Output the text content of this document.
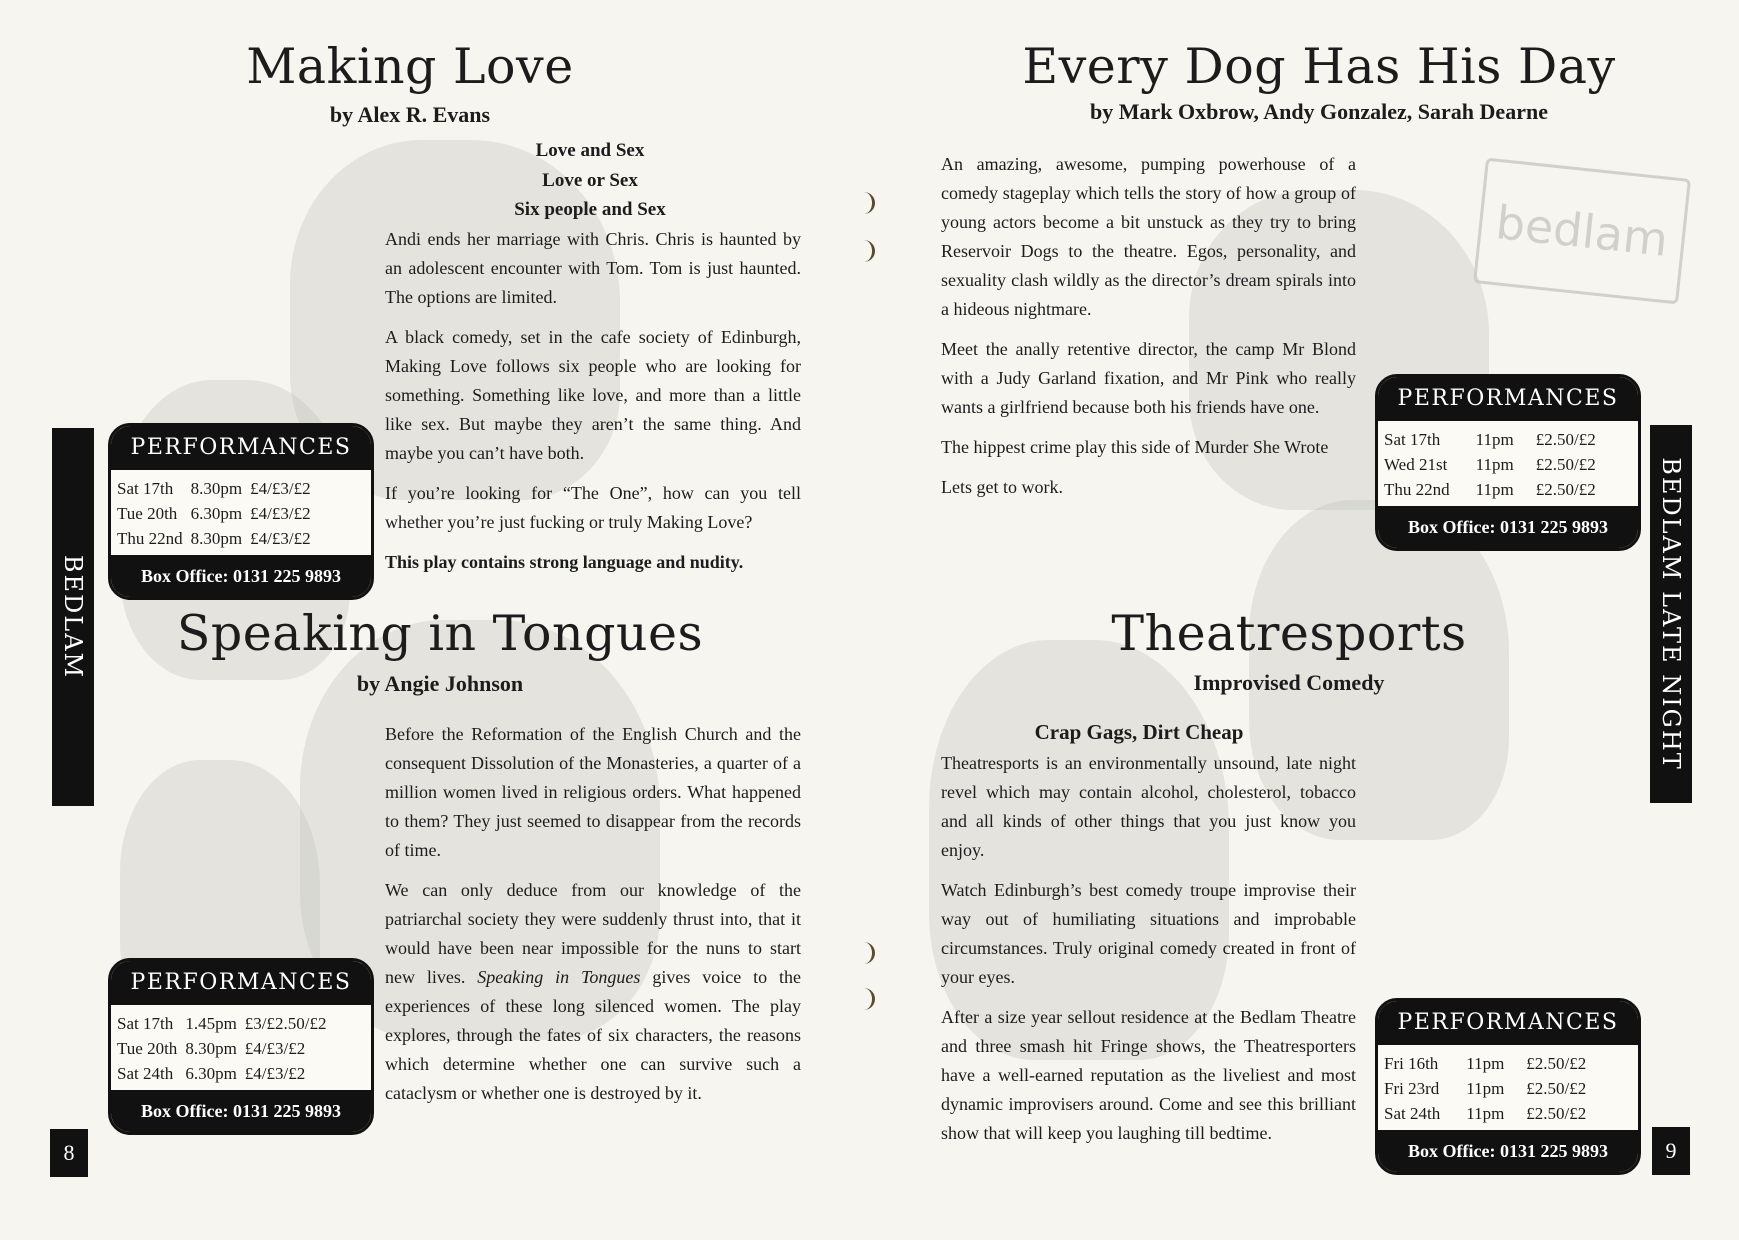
Making Love
by Alex R. Evans
Love and Sex
Love or Sex
Six people and Sex

Andi ends her marriage with Chris. Chris is haunted by an adolescent encounter with Tom. Tom is just haunted. The options are limited.

A black comedy, set in the cafe society of Edinburgh, Making Love follows six people who are looking for something. Something like love, and more than a little like sex. But maybe they aren’t the same thing. And maybe you can’t have both.

If you’re looking for “The One”, how can you tell whether you’re just fucking or truly Making Love?

This play contains strong language and nudity.

PERFORMANCES
Sat 17th	8.30pm	£4/£3/£2
Tue 20th	6.30pm	£4/£3/£2
Thu 22nd	8.30pm	£4/£3/£2
Box Office: 0131 225 9893
Speaking in Tongues
by Angie Johnson

Before the Reformation of the English Church and the consequent Dissolution of the Monasteries, a quarter of a million women lived in religious orders. What happened to them? They just seemed to disappear from the records of time.

We can only deduce from our knowledge of the patriarchal society they were suddenly thrust into, that it would have been near impossible for the nuns to start new lives. Speaking in Tongues gives voice to the experiences of these long silenced women. The play explores, through the fates of six characters, the reasons which determine whether one can survive such a cataclysm or whether one is destroyed by it.

PERFORMANCES
Sat 17th	1.45pm	£3/£2.50/£2
Tue 20th	8.30pm	£4/£3/£2
Sat 24th	6.30pm	£4/£3/£2
Box Office: 0131 225 9893
BEDLAM
8
bedlam
Every Dog Has His Day
by Mark Oxbrow, Andy Gonzalez, Sarah Dearne

An amazing, awesome, pumping powerhouse of a comedy stageplay which tells the story of how a group of young actors become a bit unstuck as they try to bring Reservoir Dogs to the theatre. Egos, personality, and sexuality clash wildly as the director’s dream spirals into a hideous nightmare.

Meet the anally retentive director, the camp Mr Blond with a Judy Garland fixation, and Mr Pink who really wants a girlfriend because both his friends have one.

The hippest crime play this side of Murder She Wrote

Lets get to work.

PERFORMANCES
Sat 17th	11pm	£2.50/£2
Wed 21st	11pm	£2.50/£2
Thu 22nd	11pm	£2.50/£2
Box Office: 0131 225 9893
Theatresports
Improvised Comedy
Crap Gags, Dirt Cheap

Theatresports is an environmentally unsound, late night revel which may contain alcohol, cholesterol, tobacco and all kinds of other things that you just know you enjoy.

Watch Edinburgh’s best comedy troupe improvise their way out of humiliating situations and improbable circumstances. Truly original comedy created in front of your eyes.

After a size year sellout residence at the Bedlam Theatre and three smash hit Fringe shows, the Theatresporters have a well-earned reputation as the liveliest and most dynamic improvisers around. Come and see this brilliant show that will keep you laughing till bedtime.

PERFORMANCES
Fri 16th	11pm	£2.50/£2
Fri 23rd	11pm	£2.50/£2
Sat 24th	11pm	£2.50/£2
Box Office: 0131 225 9893
BEDLAM LATE NIGHT
9
